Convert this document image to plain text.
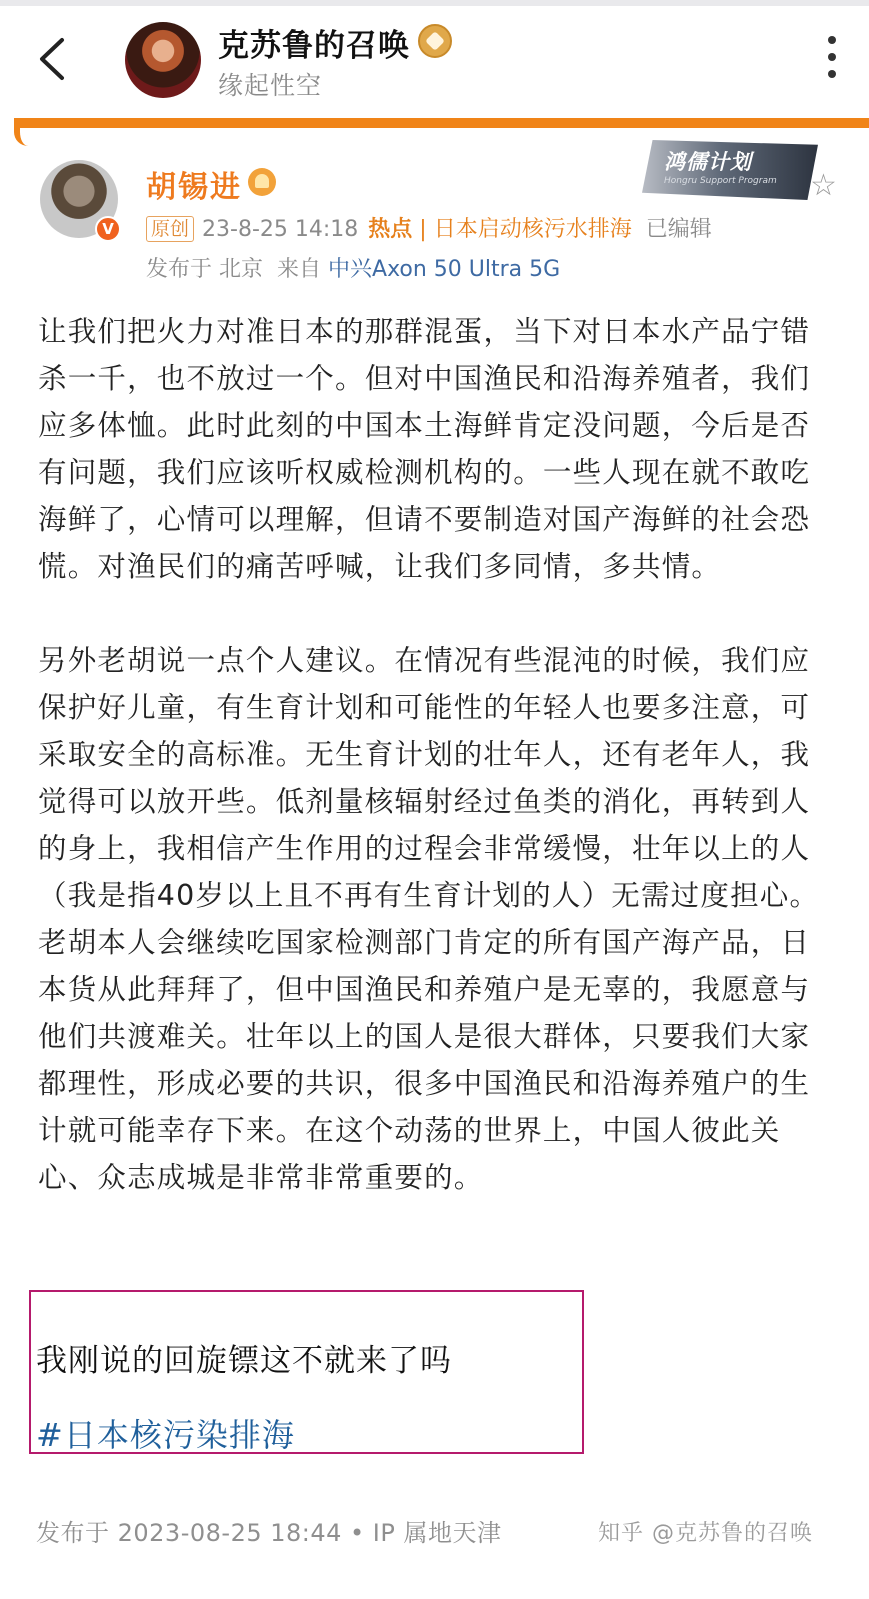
克苏鲁的召唤
缘起性空
V
胡锡进
原创 23-8-25 14:18 热点 | 日本启动核污水排海 已编辑
发布于 北京 来自 中兴Axon 50 Ultra 5G
鸿儒计划
Hongru Support Program ☆

让我们把火力对准日本的那群混蛋，当下对日本水产品宁错杀一千，也不放过一个。但对中国渔民和沿海养殖者，我们应多体恤。此时此刻的中国本土海鲜肯定没问题，今后是否有问题，我们应该听权威检测机构的。一些人现在就不敢吃海鲜了，心情可以理解，但请不要制造对国产海鲜的社会恐慌。对渔民们的痛苦呼喊，让我们多同情，多共情。

另外老胡说一点个人建议。在情况有些混沌的时候，我们应保护好儿童，有生育计划和可能性的年轻人也要多注意，可采取安全的高标准。无生育计划的壮年人，还有老年人，我觉得可以放开些。低剂量核辐射经过鱼类的消化，再转到人的身上，我相信产生作用的过程会非常缓慢，壮年以上的人（我是指40岁以上且不再有生育计划的人）无需过度担心。老胡本人会继续吃国家检测部门肯定的所有国产海产品，日本货从此拜拜了，但中国渔民和养殖户是无辜的，我愿意与他们共渡难关。壮年以上的国人是很大群体，只要我们大家都理性，形成必要的共识，很多中国渔民和沿海养殖户的生计就可能幸存下来。在这个动荡的世界上，中国人彼此关心、众志成城是非常非常重要的。

我刚说的回旋镖这不就来了吗
#日本核污染排海
发布于 2023-08-25 18:44 • IP 属地天津	知乎 @克苏鲁的召唤
